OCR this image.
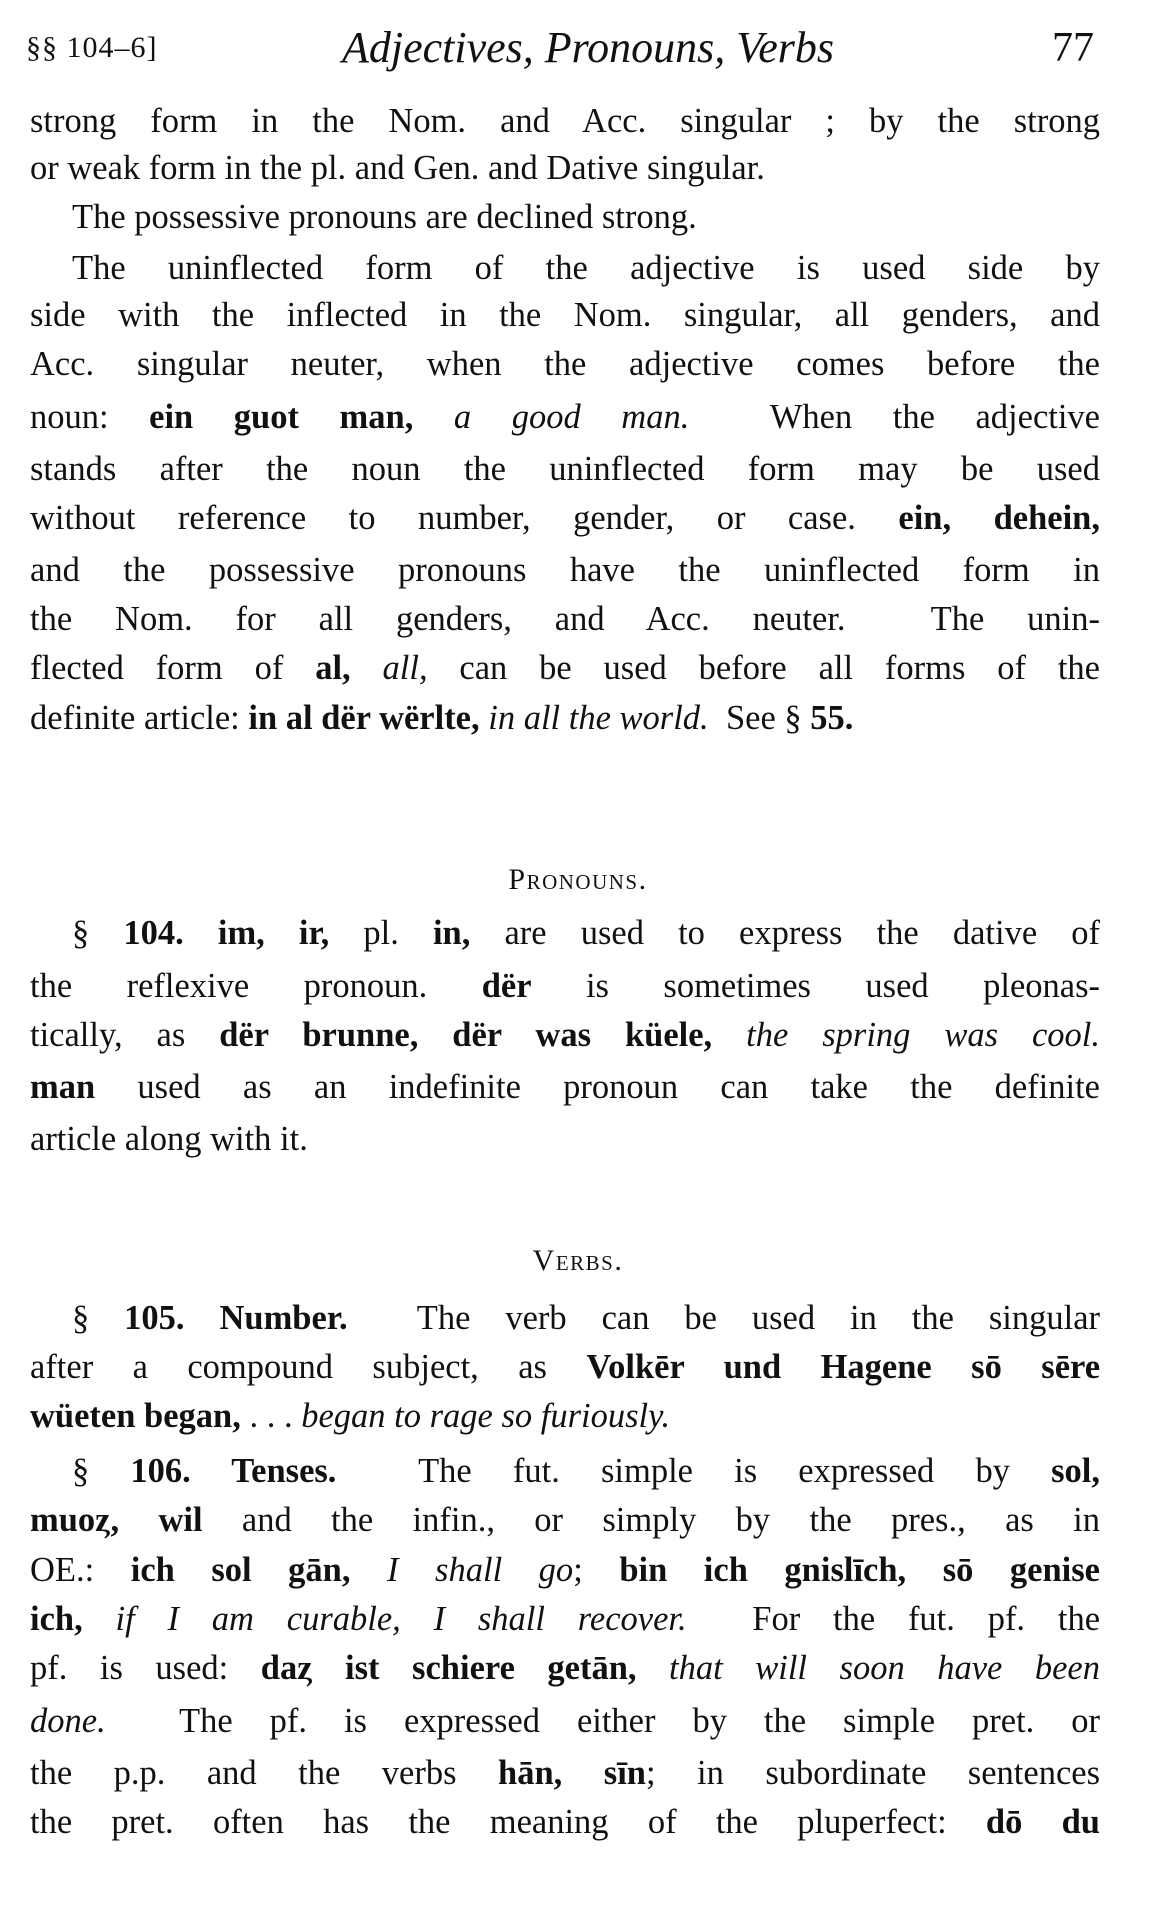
§§ 104–6]	Adjectives, Pronouns, Verbs	77
Pronouns.
Verbs.
strong form in the Nom. and Acc. singular ; by the strong
or weak form in the pl. and Gen. and Dative singular.
The possessive pronouns are declined strong.
The uninflected form of the adjective is used side by
side with the inflected in the Nom. singular, all genders, and
Acc. singular neuter, when the adjective comes before the
noun: ein guot man, a good man.  When the adjective
stands after the noun the uninflected form may be used
without reference to number, gender, or case. ein, dehein,
and the possessive pronouns have the uninflected form in
the Nom. for all genders, and Acc. neuter.  The unin-
flected form of al, all, can be used before all forms of the
definite article: in al dër wërlte, in all the world.  See § 55.
§ 104. im, ir, pl. in, are used to express the dative of
the reflexive pronoun. dër is sometimes used pleonas-
tically, as dër brunne, dër was küele, the spring was cool.
man used as an indefinite pronoun can take the definite
article along with it.
§ 105. Number.  The verb can be used in the singular
after a compound subject, as Volkēr und Hagene sō sēre
wüeten began, . . . began to rage so furiously.
§ 106. Tenses.  The fut. simple is expressed by sol,
muoȥ, wil and the infin., or simply by the pres., as in
OE.: ich sol gān, I shall go; bin ich gnislīch, sō genise
ich, if I am curable, I shall recover.  For the fut. pf. the
pf. is used: daȥ ist schiere getān, that will soon have been
done.  The pf. is expressed either by the simple pret. or
the p.p. and the verbs hān, sīn; in subordinate sentences
the pret. often has the meaning of the pluperfect: dō du
